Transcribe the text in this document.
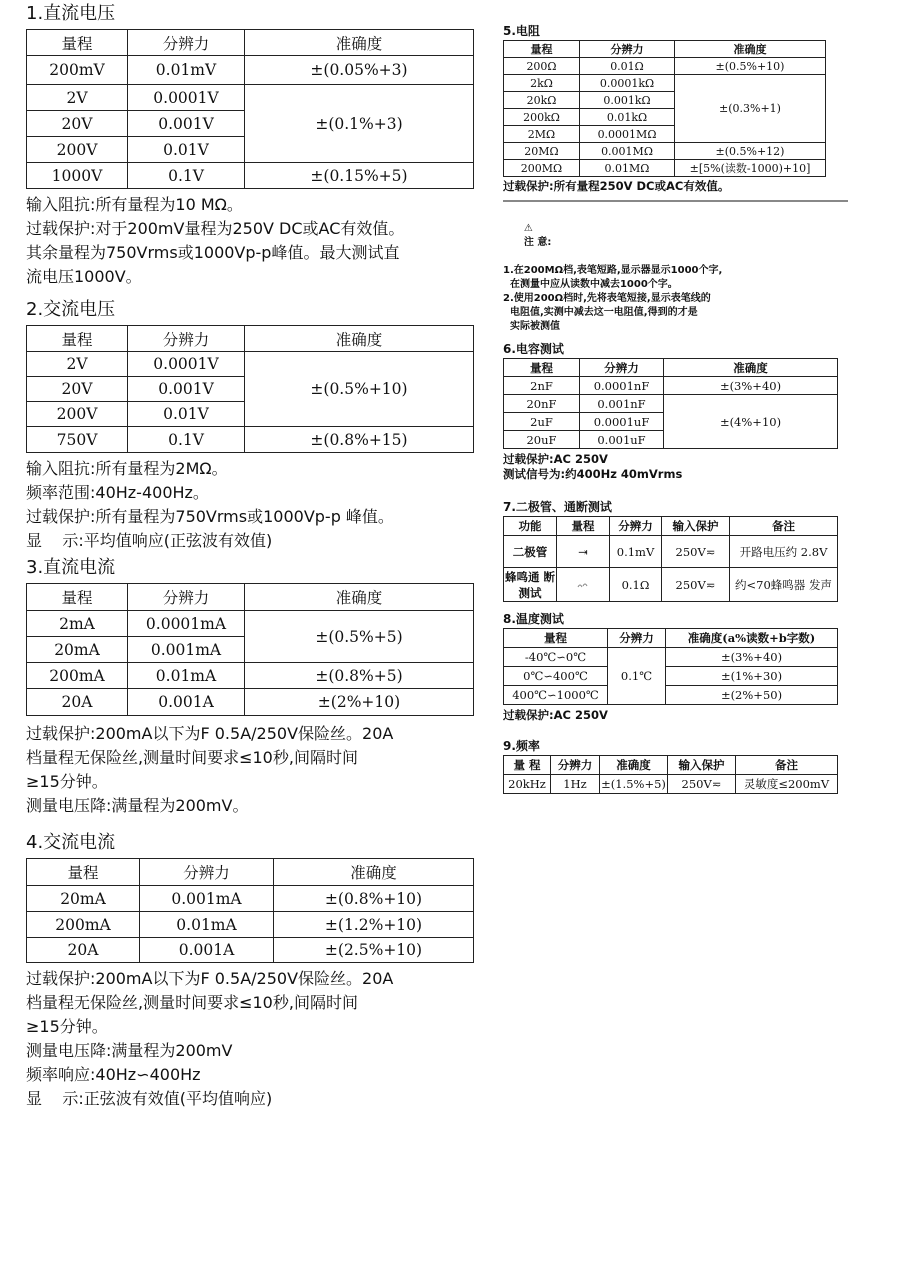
1.直流电压
量程	分辨力	准确度
200mV	0.01mV	±(0.05%+3)
2V	0.0001V	±(0.1%+3)
20V	0.001V	
200V	0.01V	
1000V	0.1V	±(0.15%+5)

输入阻抗:所有量程为10 MΩ。

过载保护:对于200mV量程为250V DC或AC有效值。

其余量程为750Vrms或1000Vp-p峰值。最大测试直

流电压1000V。

2.交流电压
量程	分辨力	准确度
2V	0.0001V	±(0.5%+10)
20V	0.001V	
200V	0.01V	
750V	0.1V	±(0.8%+15)

输入阻抗:所有量程为2MΩ。

频率范围:40Hz-400Hz。

过载保护:所有量程为750Vrms或1000Vp-p 峰值。

显    示:平均值响应(正弦波有效值)

3.直流电流
量程	分辨力	准确度
2mA	0.0001mA	±(0.5%+5)
20mA	0.001mA	
200mA	0.01mA	±(0.8%+5)
20A	0.001A	±(2%+10)

过载保护:200mA以下为F 0.5A/250V保险丝。20A

档量程无保险丝,测量时间要求≤10秒,间隔时间

≥15分钟。

测量电压降:满量程为200mV。

4.交流电流
量程	分辨力	准确度
20mA	0.001mA	±(0.8%+10)
200mA	0.01mA	±(1.2%+10)
20A	0.001A	±(2.5%+10)

过载保护:200mA以下为F 0.5A/250V保险丝。20A

档量程无保险丝,测量时间要求≤10秒,间隔时间

≥15分钟。

测量电压降:满量程为200mV

频率响应:40Hz∽400Hz

显    示:正弦波有效值(平均值响应)

5.电阻
量程	分辨力	准确度
200Ω	0.01Ω	±(0.5%+10)
2kΩ	0.0001kΩ	±(0.3%+1)
20kΩ	0.001kΩ	
200kΩ	0.01kΩ	
2MΩ	0.0001MΩ	
20MΩ	0.001MΩ	±(0.5%+12)
200MΩ	0.01MΩ	±[5%(读数-1000)+10]

过载保护:所有量程250V DC或AC有效值。

⚠
注 意:

1.在200MΩ档,表笔短路,显示器显示1000个字,

在测量中应从读数中减去1000个字。

2.使用200Ω档时,先将表笔短接,显示表笔线的

电阻值,实测中减去这一电阻值,得到的才是

实际被测值

6.电容测试
量程	分辨力	准确度
2nF	0.0001nF	±(3%+40)
20nF	0.001nF	±(4%+10)
2uF	0.0001uF	
20uF	0.001uF	

过载保护:AC 250V

测试信号为:约400Hz 40mVrms

7.二极管、通断测试
功能	量程	分辨力	输入保护	备注
二极管	⇥	0.1mV	250V≂	开路电压约 2.8V
蜂鸣通 断测试		0.1Ω	250V≂	约<70蜂鸣器 发声
8.温度测试
量程	分辨力	准确度(a%读数+b字数)
-40℃∽0℃	0.1℃	±(3%+40)
0℃∽400℃		±(1%+30)
400℃∽1000℃		±(2%+50)

过载保护:AC 250V

9.频率
量 程	分辨力	准确度	输入保护	备注
20kHz	1Hz	±(1.5%+5)	250V≂	灵敏度≤200mV
